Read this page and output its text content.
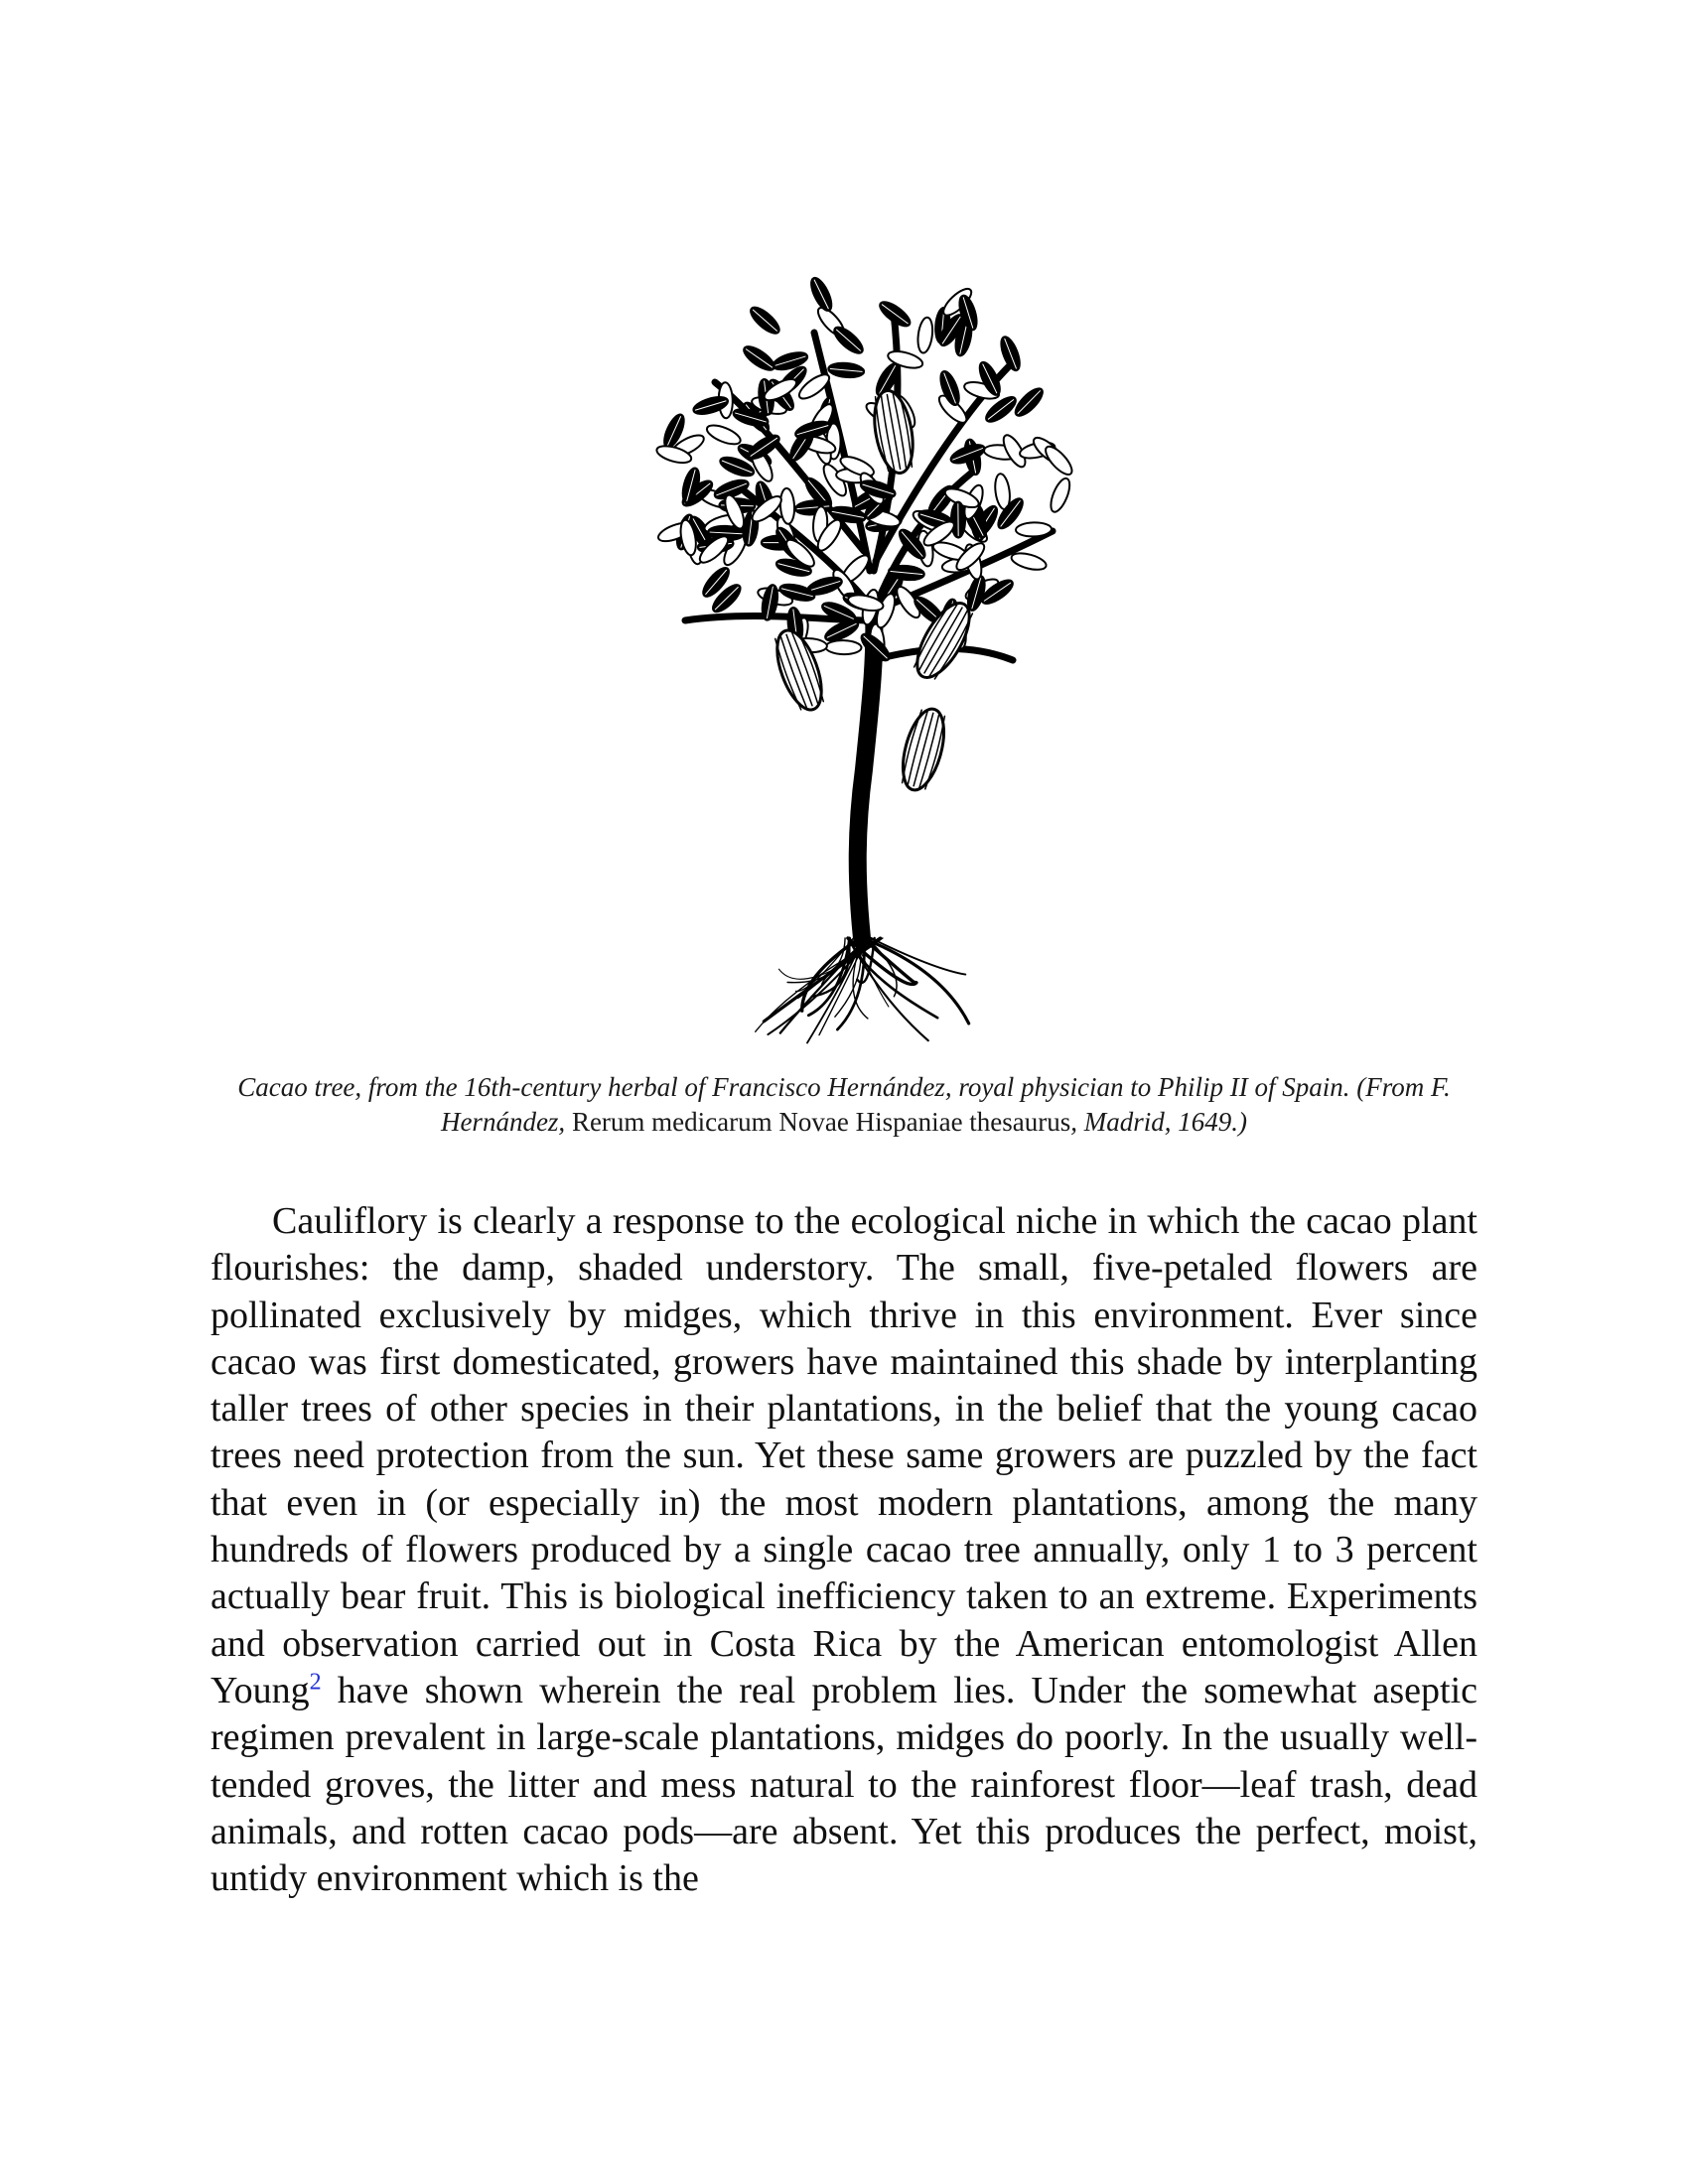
Cacao tree, from the 16th-century herbal of Francisco Hernández, royal physician to Philip II of Spain. (From F. Hernández, Rerum medicarum Novae Hispaniae thesaurus, Madrid, 1649.)

Cauliflory is clearly a response to the ecological niche in which the cacao plant flourishes: the damp, shaded understory. The small, five-petaled flowers are pollinated exclusively by midges, which thrive in this environment. Ever since cacao was first domesticated, growers have maintained this shade by interplanting taller trees of other species in their plantations, in the belief that the young cacao trees need protection from the sun. Yet these same growers are puzzled by the fact that even in (or especially in) the most modern plantations, among the many hundreds of flowers produced by a single cacao tree annually, only 1 to 3 percent actually bear fruit. This is biological inefficiency taken to an extreme. Experiments and observation carried out in Costa Rica by the American entomologist Allen Young$^2$ have shown wherein the real problem lies. Under the somewhat aseptic regimen prevalent in large-scale plantations, midges do poorly. In the usually well-tended groves, the litter and mess natural to the rainforest floor—leaf trash, dead animals, and rotten cacao pods—are absent. Yet this produces the perfect, moist, untidy environment which is the
